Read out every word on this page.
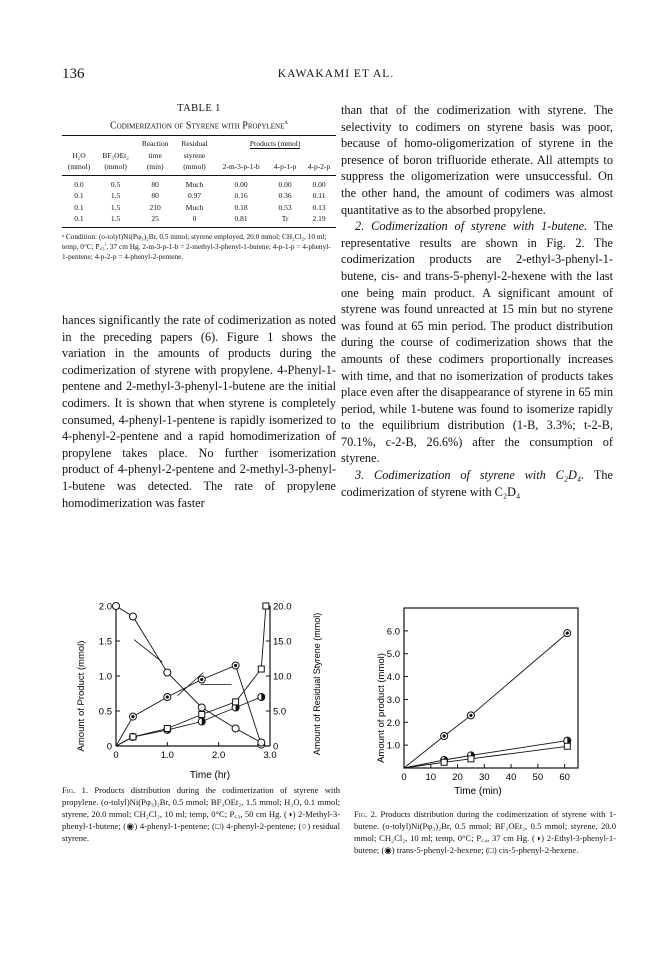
136	KAWAKAMI ET AL.
TABLE 1
Codimerization of Styrene with Propylene$^a$
		Reaction	Residual	Products (mmol)		
H₂O	BF₃OEt₂	time	styrene			
(mmol)	(mmol)	(min)	(mmol)	2-m-3-p-1-b	4-p-1-p	4-p-2-p
0.0	0.5	80	Much	0.00	0.00	0.00
0.1	1.5	80	0.97	0.16	0.36	0.11
0.1	1.5	210	Much	0.18	0.53	0.13
0.1	1.5	25	0	0.81	Tr	2.19
ᵃ Condition: (o-tolyl)Ni(Pφ₃)₂Br, 0.5 mmol; styrene employed, 20.0 mmol; CH₂Cl₂, 10 ml; temp, 0°C; P꜀₃ʹ, 37 cm Hg. 2-m-3-p-1-b = 2-methyl-3-phenyl-1-butene; 4-p-1-p = 4-phenyl-1-pentene; 4-p-2-p = 4-phenyl-2-pentene.

hances significantly the rate of codimerization as noted in the preceding papers (6). Figure 1 shows the variation in the amounts of products during the codimerization of styrene with propylene. 4-Phenyl-1-pentene and 2-methyl-3-phenyl-1-butene are the initial codimers. It is shown that when styrene is completely consumed, 4-phenyl-1-pentene is rapidly isomerized to 4-phenyl-2-pentene and a rapid homodimerization of propylene takes place. No further isomerization product of 4-phenyl-2-pentene and 2-methyl-3-phenyl-1-butene was detected. The rate of propylene homodimerization was faster

than that of the codimerization with styrene. The selectivity to codimers on styrene basis was poor, because of homo-oligomerization of styrene in the presence of boron trifluoride etherate. All attempts to suppress the oligomerization were unsuccessful. On the other hand, the amount of codimers was almost quantitative as to the absorbed propylene.

2. Codimerization of styrene with 1-butene. The representative results are shown in Fig. 2. The codimerization products are 2-ethyl-3-phenyl-1-butene, cis- and trans-5-phenyl-2-hexene with the last one being main product. A significant amount of styrene was found unreacted at 15 min but no styrene was found at 65 min period. The product distribution during the course of codimerization shows that the amounts of these codimers proportionally increases with time, and that no isomerization of products takes place even after the disappearance of styrene in 65 min period, while 1-butene was found to isomerize rapidly to the equilibrium distribution (1-B, 3.3%; t-2-B, 70.1%, c-2-B, 26.6%) after the consumption of styrene.

3. Codimerization of styrene with C₂D₄. The codimerization of styrene with C₂D₄

Amount of Product (mmol)	Amount of Residual Styrene (mmol)
Time (hr)
0
0.5
1.0
1.5
2.0
0
5.0
10.0
15.0
20.0
0	1.0	2.0	3.0
Fig. 1. Products distribution during the codimerization of styrene with propylene. (o-tolyl)Ni(Pφ₃)₂Br, 0.5 mmol; BF₃OEt₂, 1.5 mmol; H₂O, 0.1 mmol; styrene, 20.0 mmol; CH₂Cl₂, 10 ml; temp, 0°C; P꜀₃, 50 cm Hg. (◑) 2-Methyl-3-phenyl-1-butene; (◉) 4-phenyl-1-pentene; (□) 4-phenyl-2-pentene; (○) residual styrene.
Amount of product (mmol)
Time (min)
1.0
2.0
3.0
4.0
5.0
6.0
0 10 20 30 40 50 60
Fig. 2. Products distribution during the codimerization of styrene with 1-butene. (o-tolyl)Ni(Pφ₃)₂Br, 0.5 mmol; BF₃OEt₂, 0.5 mmol; styrene, 20.0 mmol; CH₂Cl₂, 10 ml; temp, 0°C; P꜀₄, 37 cm Hg. (◑) 2-Ethyl-3-phenyl-1-butene; (◉) trans-5-phenyl-2-hexene; (□) cis-5-phenyl-2-hexene.
